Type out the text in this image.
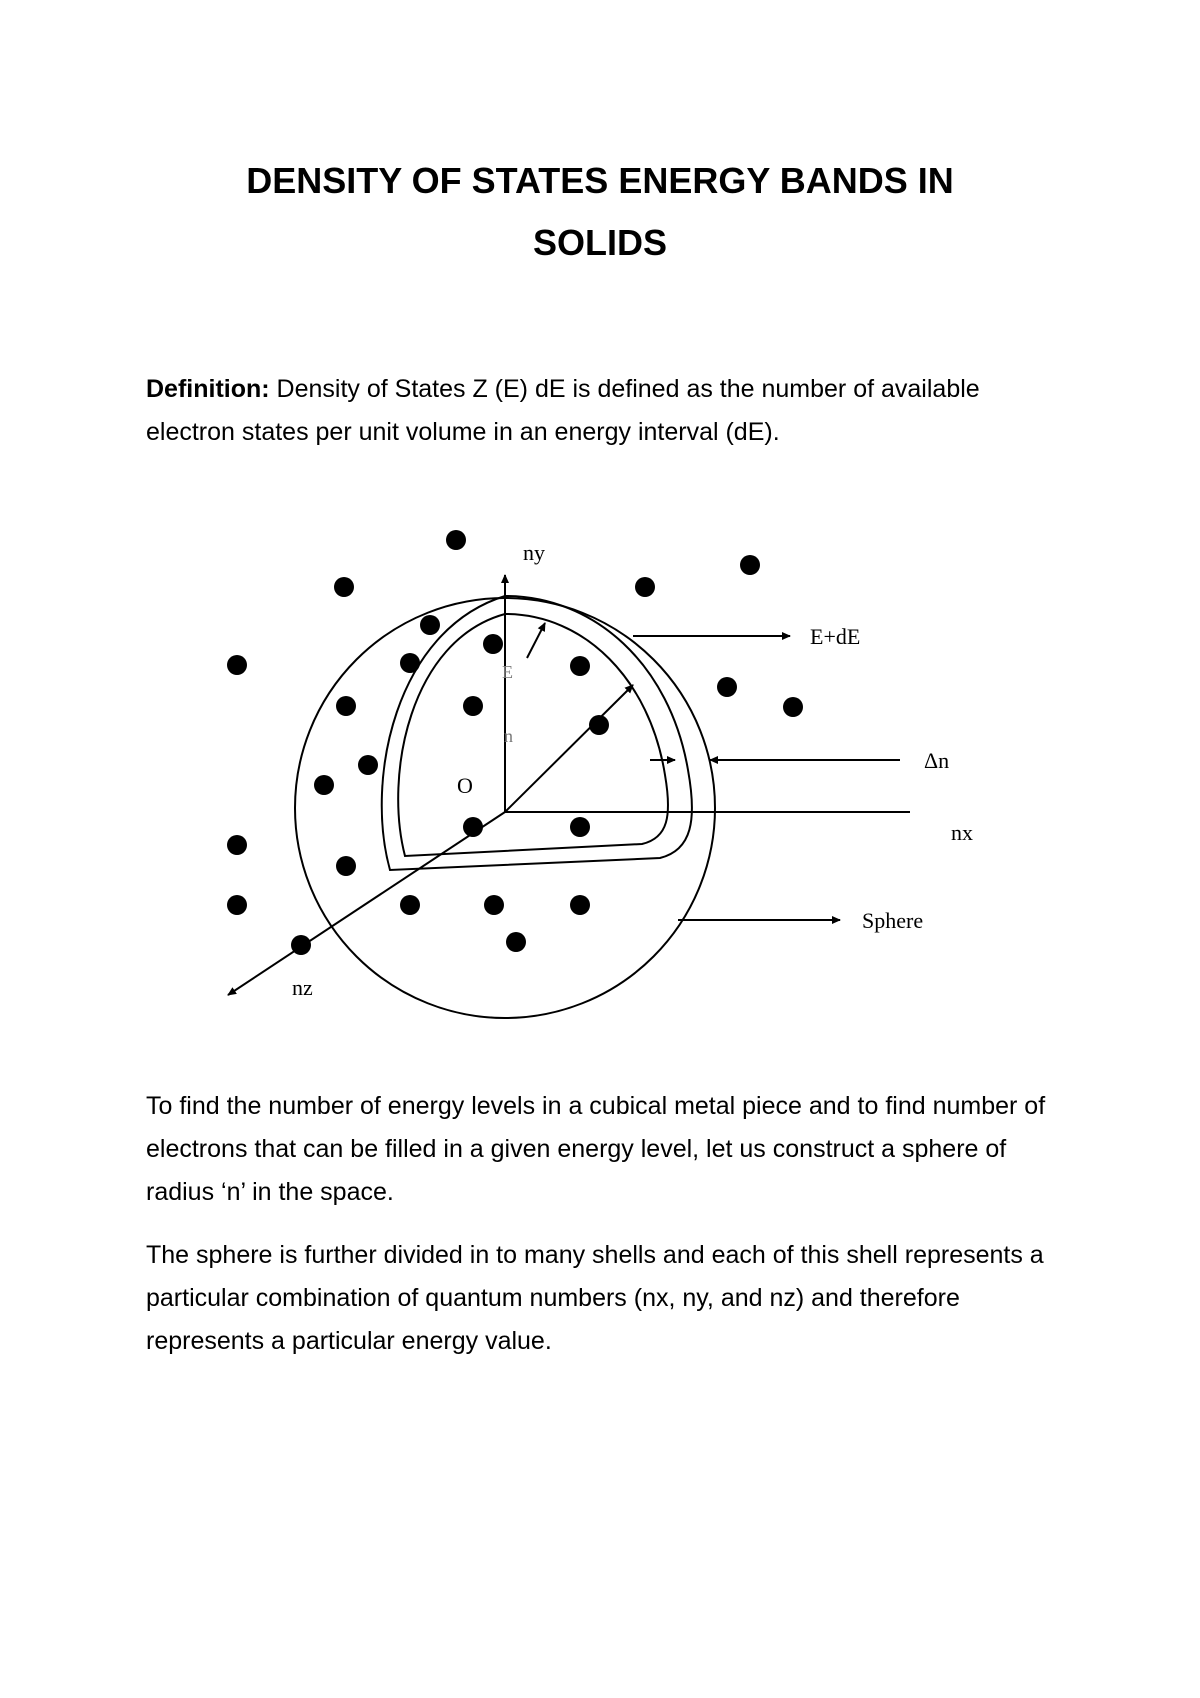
DENSITY OF STATES ENERGY BANDS IN
SOLIDS

Definition: Density of States Z (E) dE is defined as the number of available electron states per unit volume in an energy interval (dE).

ny
nx
nz
O
E+dE
Δn
Sphere
E
n

To find the number of energy levels in a cubical metal piece and to find number of electrons that can be filled in a given energy level, let us construct a sphere of radius ‘n’ in the space.

The sphere is further divided in to many shells and each of this shell represents a particular combination of quantum numbers (nx, ny, and nz) and therefore represents a particular energy value.
